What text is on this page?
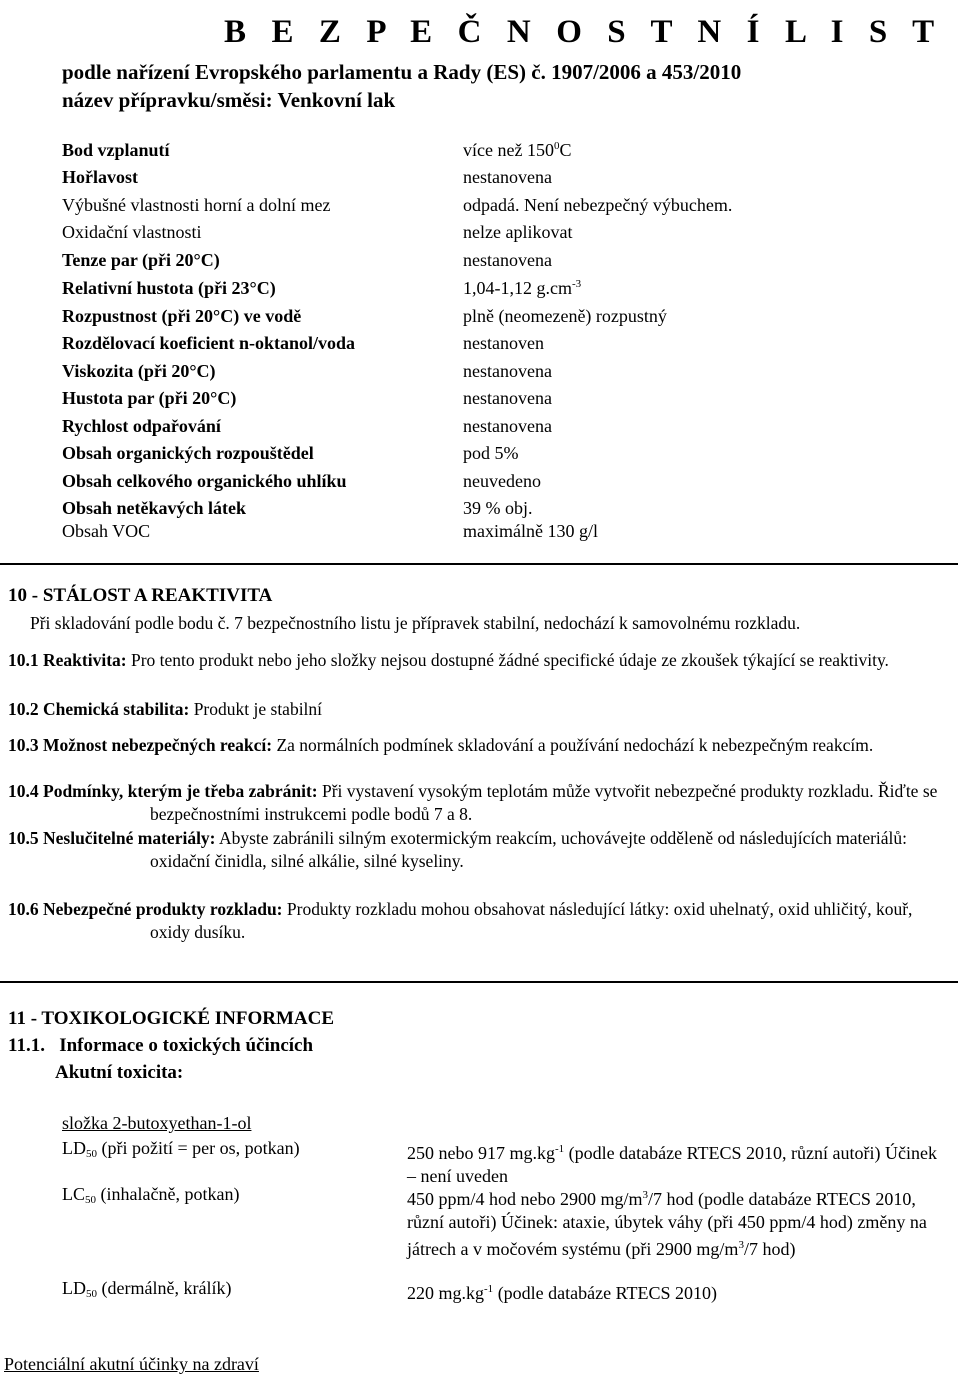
B E Z P E Č N O S T N Í L I S T
podle nařízení Evropského parlamentu a Rady (ES) č. 1907/2006 a 453/2010
název přípravku/směsi: Venkovní lak
Bod vzplanutí	více než $150^0C$
Hořlavost	nestanovena
Výbušné vlastnosti horní a dolní mez	odpadá. Není nebezpečný výbuchem.
Oxidační vlastnosti	nelze aplikovat
Tenze par (při 20°C)	nestanovena
Relativní hustota (při 23°C)	1,04-1,12 $g.cm^{-3}$
Rozpustnost (při 20°C) ve vodě	plně (neomezeně) rozpustný
Rozdělovací koeficient n-oktanol/voda	nestanoven
Viskozita (při 20°C)	nestanovena
Hustota par (při 20°C)	nestanovena
Rychlost odpařování	nestanovena
Obsah organických rozpouštědel	pod 5%
Obsah celkového organického uhlíku	neuvedeno
Obsah netěkavých látek	39 % obj.
Obsah VOC	maximálně 130 g/l
10 - STÁLOST A REAKTIVITA
Při skladování podle bodu č. 7 bezpečnostního listu je přípravek stabilní, nedochází k samovolnému rozkladu.
10.1 Reaktivita: Pro tento produkt nebo jeho složky nejsou dostupné žádné specifické údaje ze zkoušek týkající se reaktivity.
10.2 Chemická stabilita: Produkt je stabilní
10.3 Možnost nebezpečných reakcí: Za normálních podmínek skladování a používání nedochází k nebezpečným reakcím.
10.4 Podmínky, kterým je třeba zabránit: Při vystavení vysokým teplotám může vytvořit nebezpečné produkty rozkladu. Řiďte se bezpečnostními instrukcemi podle bodů 7 a 8.
10.5 Neslučitelné materiály: Abyste zabránili silným exotermickým reakcím, uchovávejte odděleně od následujících materiálů: oxidační činidla, silné alkálie, silné kyseliny.
10.6 Nebezpečné produkty rozkladu: Produkty rozkladu mohou obsahovat následující látky: oxid uhelnatý, oxid uhličitý, kouř, oxidy dusíku.
11 - TOXIKOLOGICKÉ INFORMACE
11.1.   Informace o toxických účincích
Akutní toxicita:
složka 2-butoxyethan-1-ol
$LD_{50}$ (při požití = per os, potkan)	250 nebo 917 $mg.kg^{-1}$ (podle databáze RTECS 2010, různí autoři) Účinek – není uveden
$LC_{50}$ (inhalačně, potkan)	450 ppm/4 hod nebo 2900 $mg/m^3/7$ hod (podle databáze RTECS 2010, různí autoři) Účinek: ataxie, úbytek váhy (při 450 ppm/4 hod) změny na játrech a v močovém systému (při 2900 $mg/m^3/7$ hod)
$LD_{50}$ (dermálně, králík)	220 $mg.kg^{-1}$ (podle databáze RTECS 2010)
Potenciální akutní účinky na zdraví
